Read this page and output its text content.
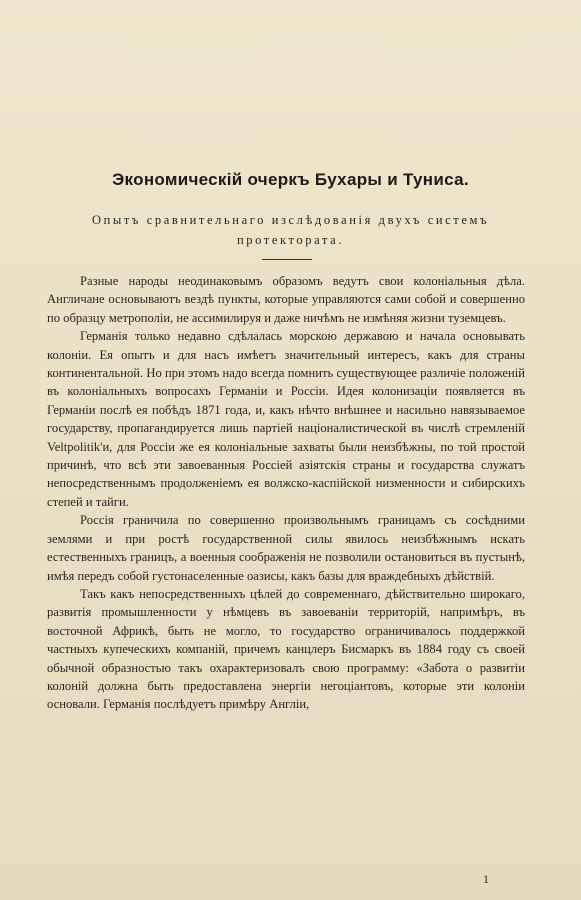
Экономическій очеркъ Бухары и Туниса.
Опытъ сравнительнаго изслѣдованія двухъ системъ протектората.

Разные народы неодинаковымъ образомъ ведутъ свои колоніальныя дѣла. Англичане основываютъ вездѣ пункты, которые управляются сами собой и совершенно по образцу метрополіи, не ассимилируя и даже ничѣмъ не измѣняя жизни туземцевъ.

Германія только недавно сдѣлалась морскою державою и начала основывать колоніи. Ея опытъ и для насъ имѣетъ значительный интересъ, какъ для страны континентальной. Но при этомъ надо всегда помнить существующее различіе положеній въ колоніальныхъ вопросахъ Германіи и Россіи. Идея колонизаціи появляется въ Германіи послѣ ея побѣдъ 1871 года, и, какъ нѣчто внѣшнее и насильно навязываемое государству, пропагандируется лишь партіей націоналистической въ числѣ стремленій Veltpolitik'и, для Россіи же ея колоніальные захваты были неизбѣжны, по той простой причинѣ, что всѣ эти завоеванныя Россіей азіятскія страны и государства служатъ непосредственнымъ продолженіемъ ея волжско-каспійской низменности и сибирскихъ степей и тайги.

Россія граничила по совершенно произвольнымъ границамъ съ сосѣдними землями и при ростѣ государственной силы явилось неизбѣжнымъ искать естественныхъ границъ, а военныя соображенія не позволили остановиться въ пустынѣ, имѣя передъ собой густонаселенные оазисы, какъ базы для враждебныхъ дѣйствій.

Такъ какъ непосредственныхъ цѣлей до современнаго, дѣйствительно широкаго, развитія промышленности у нѣмцевъ въ завоеваніи территорій, напримѣръ, въ восточной Африкѣ, быть не могло, то государство ограничивалось поддержкой частныхъ купеческихъ компаній, причемъ канцлеръ Бисмаркъ въ 1884 году съ своей обычной образностью такъ охарактеризовалъ свою программу: «Забота о развитіи колоній должна быть предоставлена энергіи негоціантовъ, которые эти колоніи основали. Германія послѣдуетъ примѣру Англіи,

1
